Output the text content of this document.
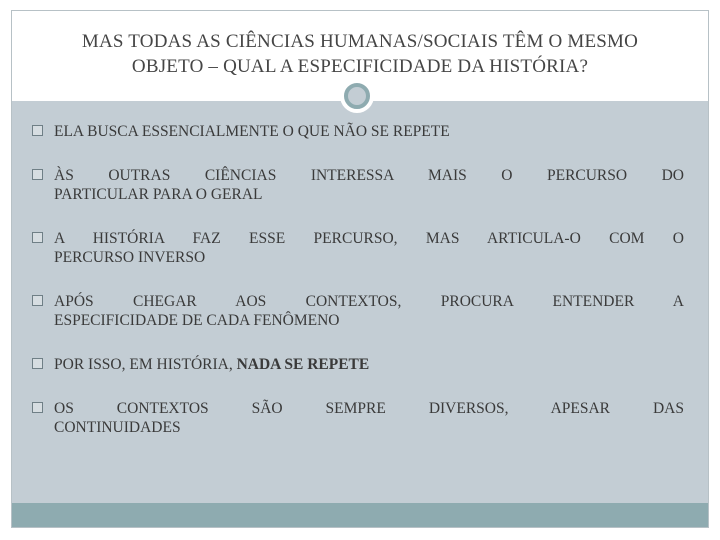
MAS TODAS AS CIÊNCIAS HUMANAS/SOCIAIS TÊM O MESMO
OBJETO – QUAL A ESPECIFICIDADE DA HISTÓRIA?
ELA BUSCA ESSENCIALMENTE O QUE NÃO SE REPETE
ÀS OUTRAS CIÊNCIAS INTERESSA MAIS O PERCURSO DO
PARTICULAR PARA O GERAL
A HISTÓRIA FAZ ESSE PERCURSO, MAS ARTICULA-O COM O
PERCURSO INVERSO
APÓS CHEGAR AOS CONTEXTOS, PROCURA ENTENDER A
ESPECIFICIDADE DE CADA FENÔMENO
POR ISSO, EM HISTÓRIA, NADA SE REPETE
OS CONTEXTOS SÃO SEMPRE DIVERSOS, APESAR DAS
CONTINUIDADES
